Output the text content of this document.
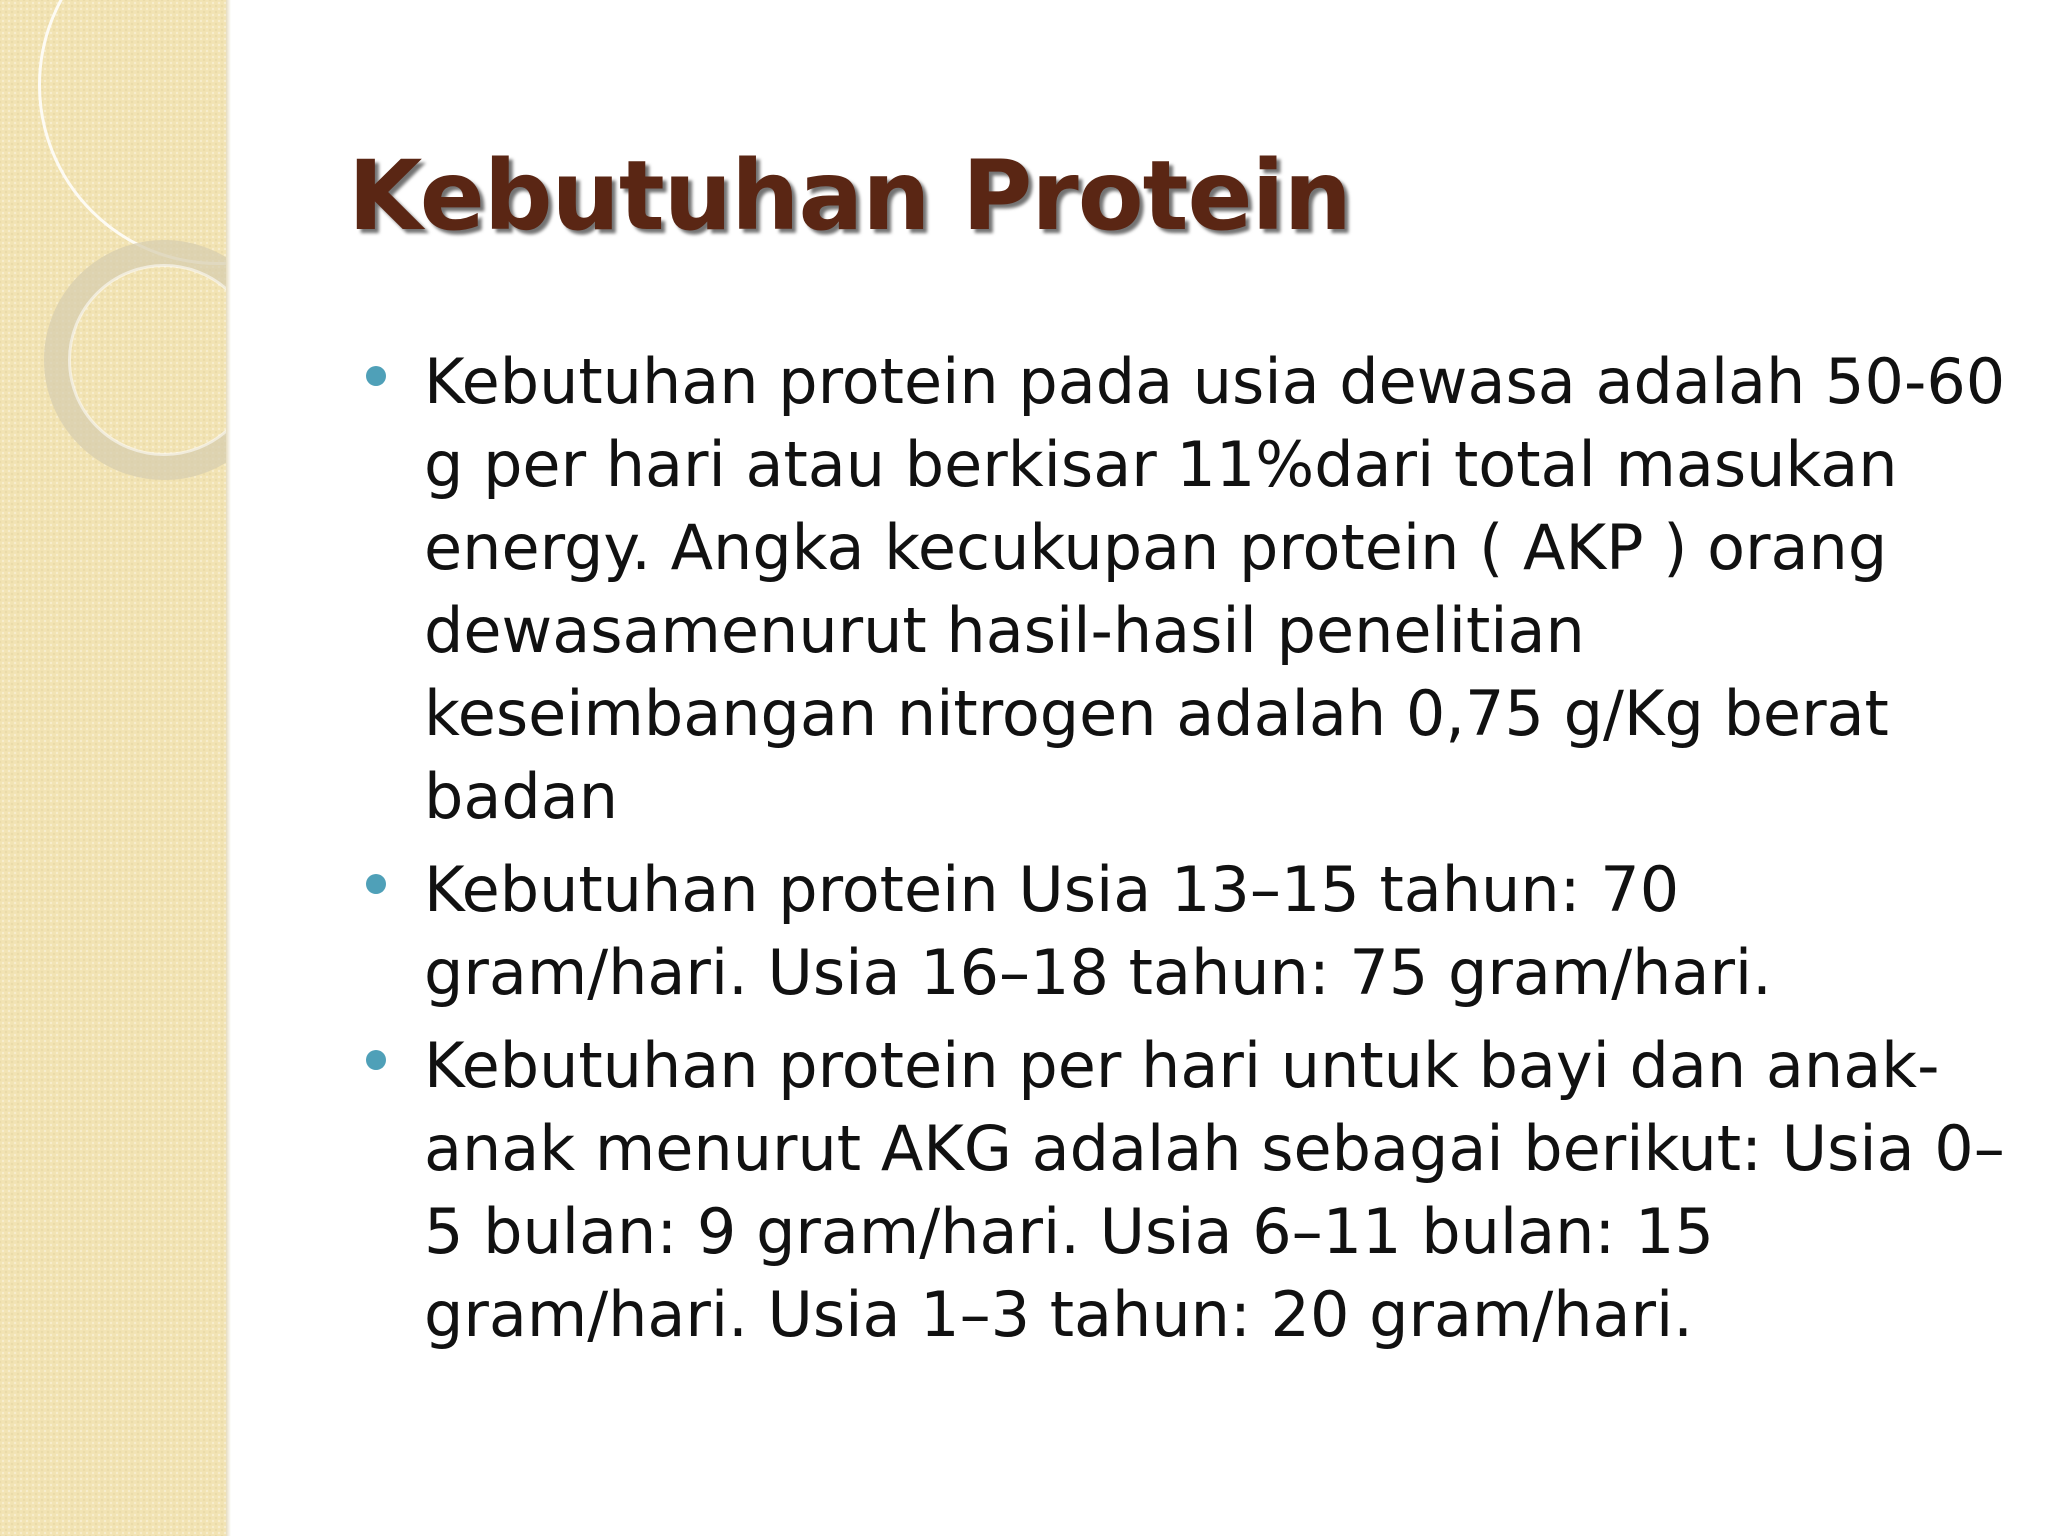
Kebutuhan Protein
Kebutuhan protein pada usia dewasa adalah 50-60 g per hari atau berkisar 11%dari total masukan energy. Angka kecukupan protein ( AKP ) orang dewasamenurut hasil-hasil penelitian keseimbangan nitrogen adalah 0,75 g/Kg berat badan
Kebutuhan protein Usia 13–15 tahun: 70 gram/hari. Usia 16–18 tahun: 75 gram/hari.
Kebutuhan protein per hari untuk bayi dan anak-anak menurut AKG adalah sebagai berikut: Usia 0–5 bulan: 9 gram/hari. Usia 6–11 bulan: 15 gram/hari. Usia 1–3 tahun: 20 gram/hari.
